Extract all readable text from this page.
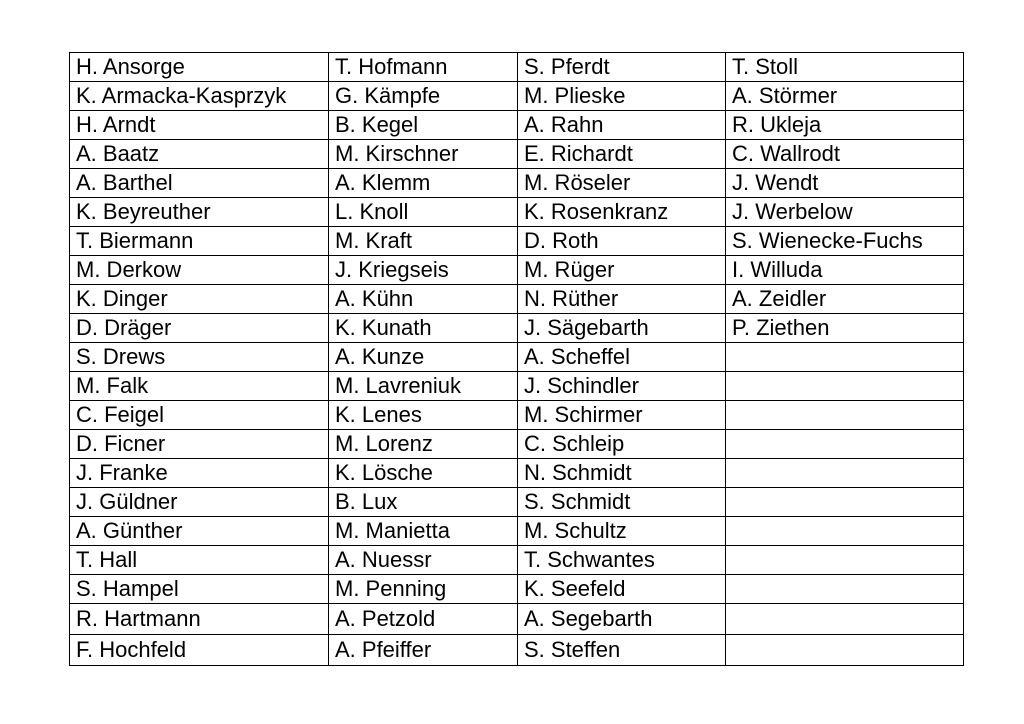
H. Ansorge	T. Hofmann	S. Pferdt	T. Stoll
K. Armacka-Kasprzyk	G. Kämpfe	M. Plieske	A. Störmer
H. Arndt	B. Kegel	A. Rahn	R. Ukleja
A. Baatz	M. Kirschner	E. Richardt	C. Wallrodt
A. Barthel	A. Klemm	M. Röseler	J. Wendt
K. Beyreuther	L. Knoll	K. Rosenkranz	J. Werbelow
T. Biermann	M. Kraft	D. Roth	S. Wienecke-Fuchs
M. Derkow	J. Kriegseis	M. Rüger	I. Willuda
K. Dinger	A. Kühn	N. Rüther	A. Zeidler
D. Dräger	K. Kunath	J. Sägebarth	P. Ziethen
S. Drews	A. Kunze	A. Scheffel	
M. Falk	M. Lavreniuk	J. Schindler	
C. Feigel	K. Lenes	M. Schirmer	
D. Ficner	M. Lorenz	C. Schleip	
J. Franke	K. Lösche	N. Schmidt	
J. Güldner	B. Lux	S. Schmidt	
A. Günther	M. Manietta	M. Schultz	
T. Hall	A. Nuessr	T. Schwantes	
S. Hampel	M. Penning	K. Seefeld	
R. Hartmann	A. Petzold	A. Segebarth	
F. Hochfeld	A. Pfeiffer	S. Steffen	
